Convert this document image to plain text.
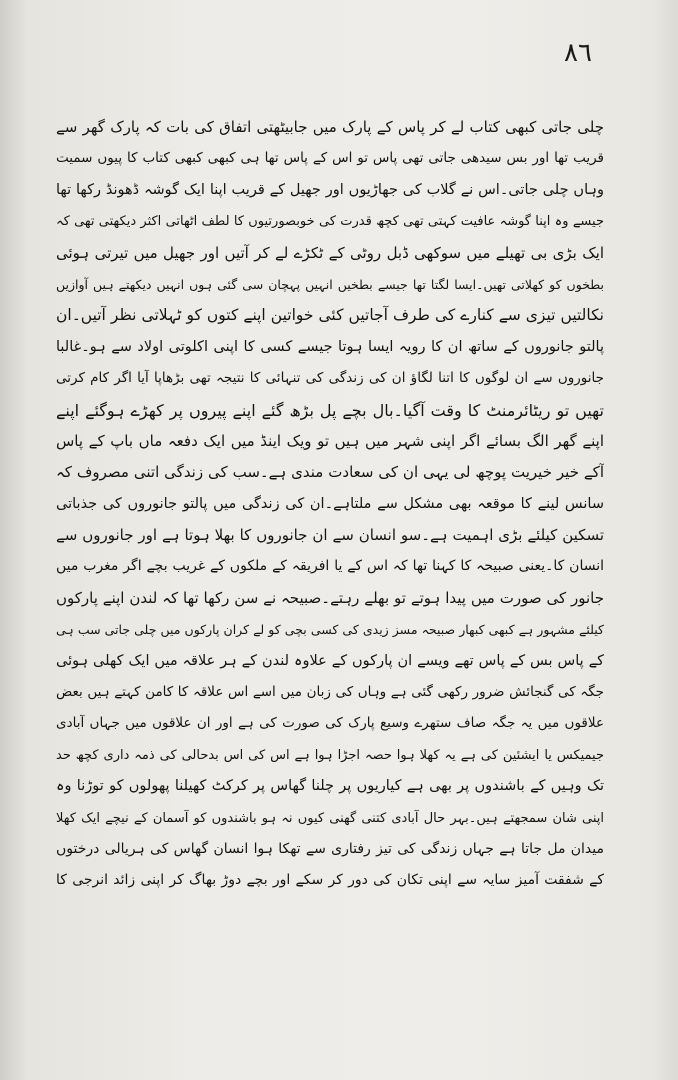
٨٦
چلی جاتی کبھی کتاب لے کر پاس کے پارک میں جابیٹھتی اتفاق کی بات کہ پارک گھر سے
قریب تھا اور بس سیدھی جاتی تھی پاس تو اس کے پاس تھا ہی کبھی کبھی کتاب کا پیوں سمیت
وہاں چلی جاتی۔اس نے گلاب کی جھاڑیوں اور جھیل کے قریب اپنا ایک گوشہ ڈھونڈ رکھا تھا
جیسے وہ اپنا گوشہ عافیت کہتی تھی کچھ قدرت کی خوبصورتیوں کا لطف اٹھاتی اکثر دیکھتی تھی کہ
ایک بڑی بی تھیلے میں سوکھی ڈبل روٹی کے ٹکڑے لے کر آتیں اور جھیل میں تیرتی ہوئی
بطخوں کو کھلاتی تھیں۔ایسا لگتا تھا جیسے بطخیں انہیں پہچان سی گئی ہوں انہیں دیکھتے ہیں آوازیں
نکالتیں تیزی سے کنارے کی طرف آجاتیں کئی خواتین اپنے کتوں کو ٹہلاتی نظر آتیں۔ان
پالتو جانوروں کے ساتھ ان کا رویہ ایسا ہوتا جیسے کسی کا اپنی اکلوتی اولاد سے ہو۔غالبا
جانوروں سے ان لوگوں کا اتنا لگاؤ ان کی زندگی کی تنہائی کا نتیجہ تھی بڑھاپا آیا اگر کام کرتی
تھیں تو ریٹائرمنٹ کا وقت آگیا۔بال بچے پل بڑھ گئے اپنے پیروں پر کھڑے ہوگئے اپنے
اپنے گھر الگ بسائے اگر اپنی شہر میں ہیں تو ویک اینڈ میں ایک دفعہ ماں باپ کے پاس
آکے خیر خیریت پوچھ لی یہی ان کی سعادت مندی ہے۔سب کی زندگی اتنی مصروف کہ
سانس لینے کا موقعہ بھی مشکل سے ملتاہے۔ان کی زندگی میں پالتو جانوروں کی جذباتی
تسکین کیلئے بڑی اہمیت ہے۔سو انسان سے ان جانوروں کا بھلا ہوتا ہے اور جانوروں سے
انسان کا۔یعنی صبیحہ کا کہنا تھا کہ اس کے یا افریقہ کے ملکوں کے غریب بچے اگر مغرب میں
جانور کی صورت میں پیدا ہوتے تو بھلے رہتے۔صبیحہ نے سن رکھا تھا کہ لندن اپنے پارکوں
کیلئے مشہور ہے کبھی کبھار صبیحہ مسز زیدی کی کسی بچی کو لے کران پارکوں میں چلی جاتی سب ہی
کے پاس بس کے پاس تھے ویسے ان پارکوں کے علاوہ لندن کے ہر علاقہ میں ایک کھلی ہوئی
جگہ کی گنجائش ضرور رکھی گئی ہے وہاں کی زبان میں اسے اس علاقہ کا کامن کہتے ہیں بعض
علاقوں میں یہ جگہ صاف ستھرے وسیع پارک کی صورت کی ہے اور ان علاقوں میں جہاں آبادی
جیمیکس یا ایشئین کی ہے یہ کھلا ہوا حصہ اجڑا ہوا ہے اس کی اس بدحالی کی ذمہ داری کچھ حد
تک وہیں کے باشندوں پر بھی ہے کیاریوں پر چلنا گھاس پر کرکٹ کھیلنا پھولوں کو توڑنا وہ
اپنی شان سمجھتے ہیں۔بہر حال آبادی کتنی گھنی کیوں نہ ہو باشندوں کو آسمان کے نیچے ایک کھلا
میدان مل جاتا ہے جہاں زندگی کی تیز رفتاری سے تھکا ہوا انسان گھاس کی ہریالی درختوں
کے شفقت آمیز سایہ سے اپنی تکان کی دور کر سکے اور بچے دوڑ بھاگ کر اپنی زائد انرجی کا
